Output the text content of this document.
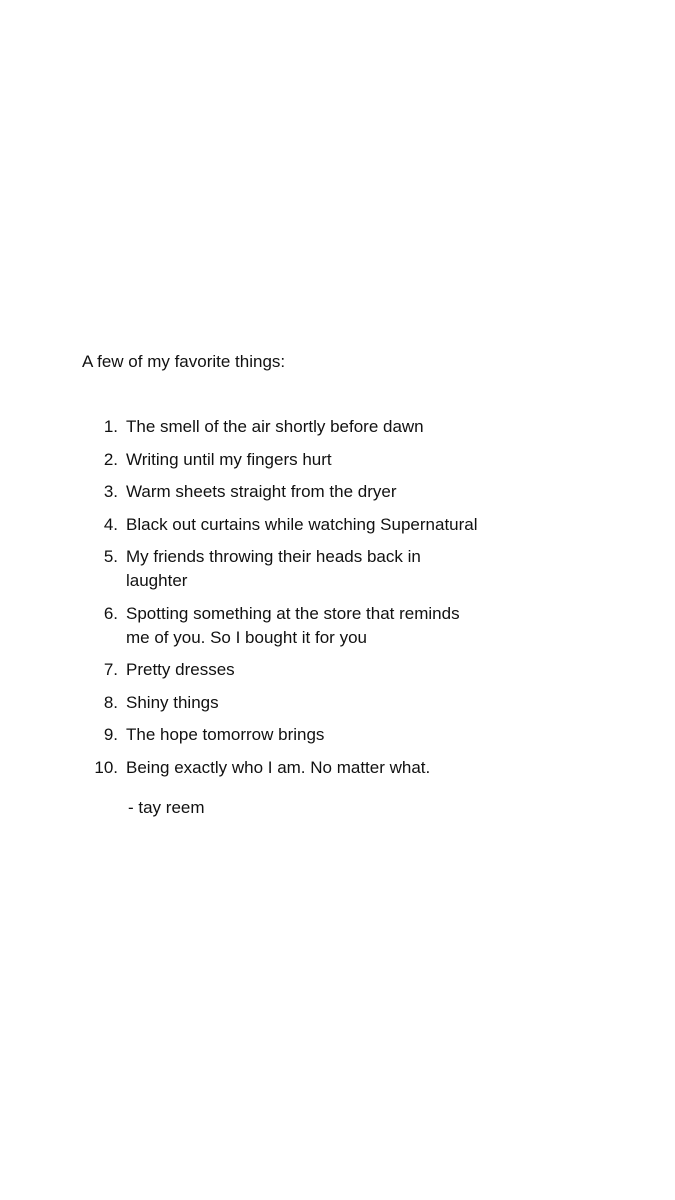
A few of my favorite things:
1. The smell of the air shortly before dawn
2. Writing until my fingers hurt
3. Warm sheets straight from the dryer
4. Black out curtains while watching Supernatural
5. My friends throwing their heads back in laughter
6. Spotting something at the store that reminds me of you. So I bought it for you
7. Pretty dresses
8. Shiny things
9. The hope tomorrow brings
10. Being exactly who I am. No matter what.
- tay reem
